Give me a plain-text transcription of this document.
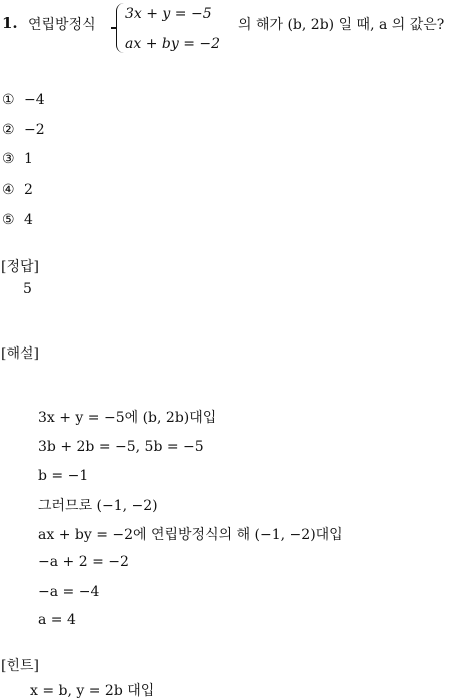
1. 연립방정식
3x + y = −5
ax + by = −2
의 해가 (b, 2b) 일 때, a 의 값은?
① −4
② −2
③ 1
④ 2
⑤ 4
[정답]
5
[해설]
3x + y = −5에 (b, 2b)대입
3b + 2b = −5, 5b = −5
b = −1
그러므로 (−1, −2)
ax + by = −2에 연립방정식의 해 (−1, −2)대입
−a + 2 = −2
−a = −4
a = 4
[힌트]
x = b, y = 2b 대입
